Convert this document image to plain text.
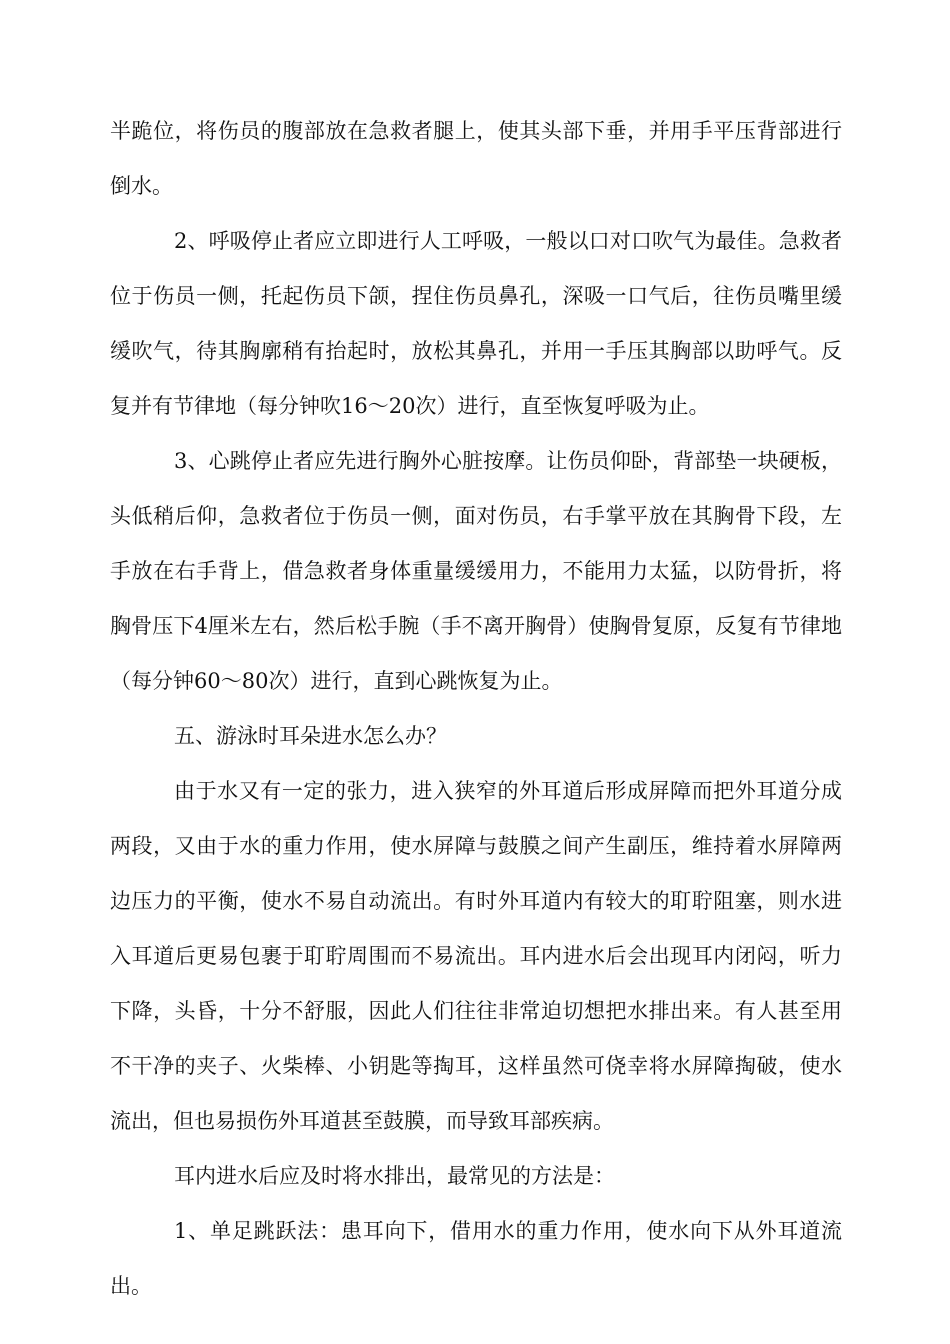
半跪位，将伤员的腹部放在急救者腿上，使其头部下垂，并用手平压背部进行倒水。

2、呼吸停止者应立即进行人工呼吸，一般以口对口吹气为最佳。急救者位于伤员一侧，托起伤员下颌，捏住伤员鼻孔，深吸一口气后，往伤员嘴里缓缓吹气，待其胸廓稍有抬起时，放松其鼻孔，并用一手压其胸部以助呼气。反复并有节律地（每分钟吹16～20次）进行，直至恢复呼吸为止。

3、心跳停止者应先进行胸外心脏按摩。让伤员仰卧，背部垫一块硬板，头低稍后仰，急救者位于伤员一侧，面对伤员，右手掌平放在其胸骨下段，左手放在右手背上，借急救者身体重量缓缓用力，不能用力太猛，以防骨折，将胸骨压下4厘米左右，然后松手腕（手不离开胸骨）使胸骨复原，反复有节律地（每分钟60～80次）进行，直到心跳恢复为止。

五、游泳时耳朵进水怎么办？

由于水又有一定的张力，进入狭窄的外耳道后形成屏障而把外耳道分成两段，又由于水的重力作用，使水屏障与鼓膜之间产生副压，维持着水屏障两边压力的平衡，使水不易自动流出。有时外耳道内有较大的耵聍阻塞，则水进入耳道后更易包裹于耵聍周围而不易流出。耳内进水后会出现耳内闭闷，听力下降，头昏，十分不舒服，因此人们往往非常迫切想把水排出来。有人甚至用不干净的夹子、火柴棒、小钥匙等掏耳，这样虽然可侥幸将水屏障掏破，使水流出，但也易损伤外耳道甚至鼓膜，而导致耳部疾病。

耳内进水后应及时将水排出，最常见的方法是：

1、单足跳跃法：患耳向下，借用水的重力作用，使水向下从外耳道流出。
